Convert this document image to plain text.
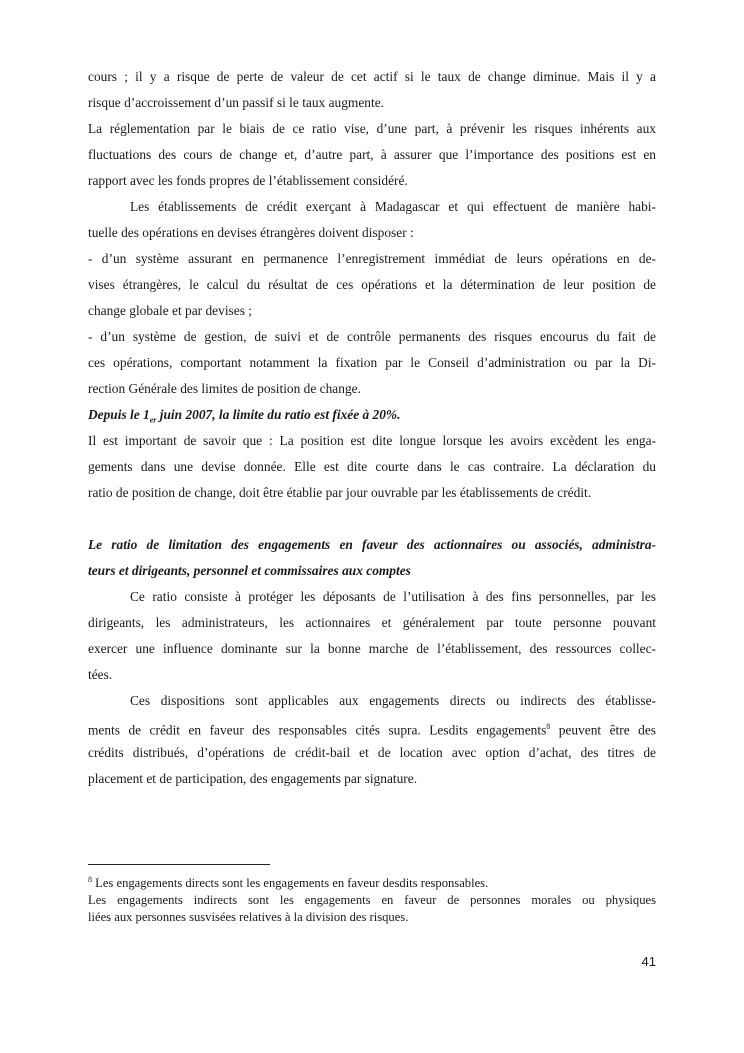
cours ; il y a risque de perte de valeur de cet actif si le taux de change diminue. Mais il y a
risque d’accroissement d’un passif si le taux augmente.
La réglementation par le biais de ce ratio vise, d’une part, à prévenir les risques inhérents aux
fluctuations des cours de change et, d’autre part, à assurer que l’importance des positions est en
rapport avec les fonds propres de l’établissement considéré.
Les établissements de crédit exerçant à Madagascar et qui effectuent de manière habi-
tuelle des opérations en devises étrangères doivent disposer :
- d’un système assurant en permanence l’enregistrement immédiat de leurs opérations en de-
vises étrangères, le calcul du résultat de ces opérations et la détermination de leur position de
change globale et par devises ;
- d’un système de gestion, de suivi et de contrôle permanents des risques encourus du fait de
ces opérations, comportant notamment la fixation par le Conseil d’administration ou par la Di-
rection Générale des limites de position de change.
Depuis le $1_{er}$ juin 2007, la limite du ratio est fixée à 20%.
Il est important de savoir que : La position est dite longue lorsque les avoirs excèdent les enga-
gements dans une devise donnée. Elle est dite courte dans le cas contraire. La déclaration du
ratio de position de change, doit être établie par jour ouvrable par les établissements de crédit.
Le ratio de limitation des engagements en faveur des actionnaires ou associés, administra-
teurs et dirigeants, personnel et commissaires aux comptes
Ce ratio consiste à protéger les déposants de l’utilisation à des fins personnelles, par les
dirigeants, les administrateurs, les actionnaires et généralement par toute personne pouvant
exercer une influence dominante sur la bonne marche de l’établissement, des ressources collec-
tées.
Ces dispositions sont applicables aux engagements directs ou indirects des établisse-
ments de crédit en faveur des responsables cités supra. Lesdits engagements$^8$ peuvent être des
crédits distribués, d’opérations de crédit-bail et de location avec option d’achat, des titres de
placement et de participation, des engagements par signature.
$^8$ Les engagements directs sont les engagements en faveur desdits responsables.
Les engagements indirects sont les engagements en faveur de personnes morales ou physiques
liées aux personnes susvisées relatives à la division des risques.
41
